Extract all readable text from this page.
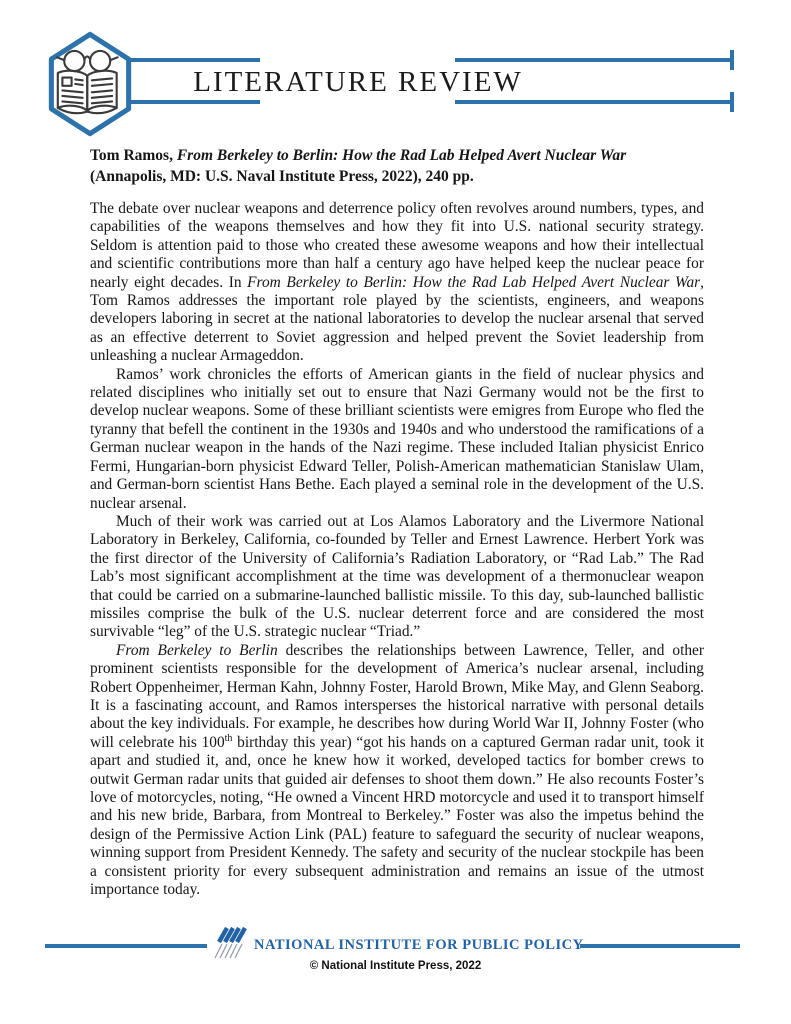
LITERATURE REVIEW
Tom Ramos, From Berkeley to Berlin: How the Rad Lab Helped Avert Nuclear War
(Annapolis, MD: U.S. Naval Institute Press, 2022), 240 pp.

The debate over nuclear weapons and deterrence policy often revolves around numbers, types, and capabilities of the weapons themselves and how they fit into U.S. national security strategy. Seldom is attention paid to those who created these awesome weapons and how their intellectual and scientific contributions more than half a century ago have helped keep the nuclear peace for nearly eight decades. In From Berkeley to Berlin: How the Rad Lab Helped Avert Nuclear War, Tom Ramos addresses the important role played by the scientists, engineers, and weapons developers laboring in secret at the national laboratories to develop the nuclear arsenal that served as an effective deterrent to Soviet aggression and helped prevent the Soviet leadership from unleashing a nuclear Armageddon.

Ramos’ work chronicles the efforts of American giants in the field of nuclear physics and related disciplines who initially set out to ensure that Nazi Germany would not be the first to develop nuclear weapons. Some of these brilliant scientists were emigres from Europe who fled the tyranny that befell the continent in the 1930s and 1940s and who understood the ramifications of a German nuclear weapon in the hands of the Nazi regime. These included Italian physicist Enrico Fermi, Hungarian-born physicist Edward Teller, Polish-American mathematician Stanislaw Ulam, and German-born scientist Hans Bethe. Each played a seminal role in the development of the U.S. nuclear arsenal.

Much of their work was carried out at Los Alamos Laboratory and the Livermore National Laboratory in Berkeley, California, co-founded by Teller and Ernest Lawrence. Herbert York was the first director of the University of California’s Radiation Laboratory, or “Rad Lab.” The Rad Lab’s most significant accomplishment at the time was development of a thermonuclear weapon that could be carried on a submarine-launched ballistic missile. To this day, sub-launched ballistic missiles comprise the bulk of the U.S. nuclear deterrent force and are considered the most survivable “leg” of the U.S. strategic nuclear “Triad.”

From Berkeley to Berlin describes the relationships between Lawrence, Teller, and other prominent scientists responsible for the development of America’s nuclear arsenal, including Robert Oppenheimer, Herman Kahn, Johnny Foster, Harold Brown, Mike May, and Glenn Seaborg. It is a fascinating account, and Ramos intersperses the historical narrative with personal details about the key individuals. For example, he describes how during World War II, Johnny Foster (who will celebrate his 100th birthday this year) “got his hands on a captured German radar unit, took it apart and studied it, and, once he knew how it worked, developed tactics for bomber crews to outwit German radar units that guided air defenses to shoot them down.” He also recounts Foster’s love of motorcycles, noting, “He owned a Vincent HRD motorcycle and used it to transport himself and his new bride, Barbara, from Montreal to Berkeley.” Foster was also the impetus behind the design of the Permissive Action Link (PAL) feature to safeguard the security of nuclear weapons, winning support from President Kennedy. The safety and security of the nuclear stockpile has been a consistent priority for every subsequent administration and remains an issue of the utmost importance today.

NATIONAL INSTITUTE FOR PUBLIC POLICY
© National Institute Press, 2022
